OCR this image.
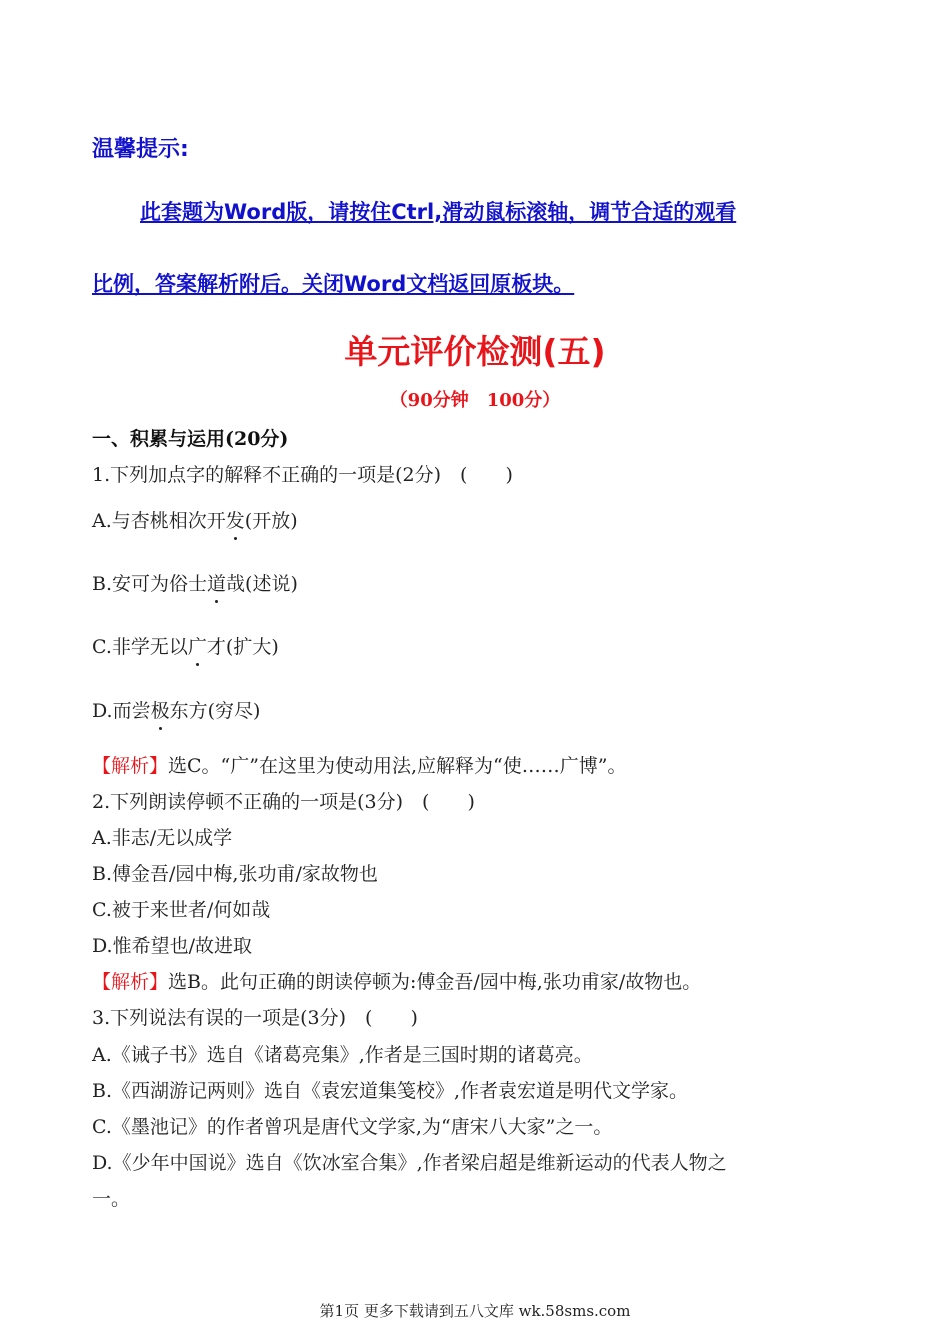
温馨提示:
此套题为Word版，请按住Ctrl,滑动鼠标滚轴，调节合适的观看
比例，答案解析附后。关闭Word文档返回原板块。
单元评价检测(五)
（90分钟　100分）
一、积累与运用(20分)
1.下列加点字的解释不正确的一项是(2分)　(　　)
A.与杏桃相次开发(开放)
B.安可为俗士道哉(述说)
C.非学无以广才(扩大)
D.而尝极东方(穷尽)
【解析】选C。“广”在这里为使动用法,应解释为“使……广博”。
2.下列朗读停顿不正确的一项是(3分)　(　　)
A.非志/无以成学
B.傅金吾/园中梅,张功甫/家故物也
C.被于来世者/何如哉
D.惟希望也/故进取
【解析】选B。此句正确的朗读停顿为:傅金吾/园中梅,张功甫家/故物也。
3.下列说法有误的一项是(3分)　(　　)
A.《诫子书》选自《诸葛亮集》,作者是三国时期的诸葛亮。
B.《西湖游记两则》选自《袁宏道集笺校》,作者袁宏道是明代文学家。
C.《墨池记》的作者曾巩是唐代文学家,为“唐宋八大家”之一。
D.《少年中国说》选自《饮冰室合集》,作者梁启超是维新运动的代表人物之
一。
第1页 更多下载请到五八文库 wk.58sms.com
